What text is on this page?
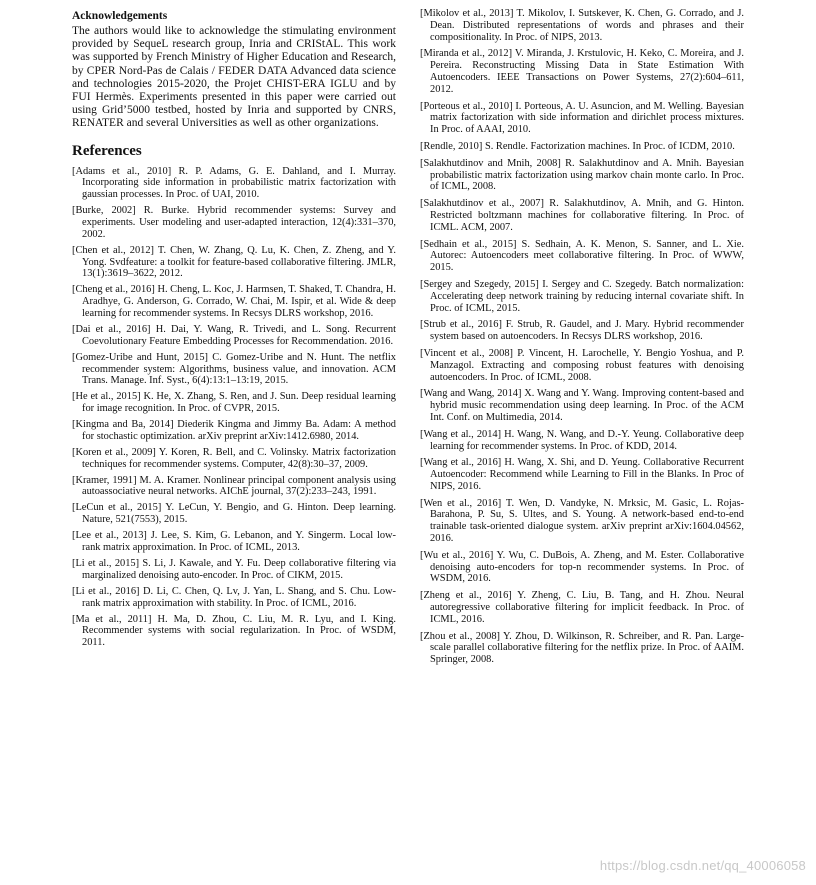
Acknowledgements

The authors would like to acknowledge the stimulating environment provided by SequeL research group, Inria and CRIStAL. This work was supported by French Ministry of Higher Education and Research, by CPER Nord-Pas de Calais / FEDER DATA Advanced data science and technologies 2015-2020, the Projet CHIST-ERA IGLU and by FUI Hermès. Experiments presented in this paper were carried out using Grid’5000 testbed, hosted by Inria and supported by CNRS, RENATER and several Universities as well as other organizations.

References
[Adams et al., 2010] R. P. Adams, G. E. Dahland, and I. Murray. Incorporating side information in probabilistic matrix factorization with gaussian processes. In Proc. of UAI, 2010.
[Burke, 2002] R. Burke. Hybrid recommender systems: Survey and experiments. User modeling and user-adapted interaction, 12(4):331–370, 2002.
[Chen et al., 2012] T. Chen, W. Zhang, Q. Lu, K. Chen, Z. Zheng, and Y. Yong. Svdfeature: a toolkit for feature-based collaborative filtering. JMLR, 13(1):3619–3622, 2012.
[Cheng et al., 2016] H. Cheng, L. Koc, J. Harmsen, T. Shaked, T. Chandra, H. Aradhye, G. Anderson, G. Corrado, W. Chai, M. Ispir, et al. Wide & deep learning for recommender systems. In Recsys DLRS workshop, 2016.
[Dai et al., 2016] H. Dai, Y. Wang, R. Trivedi, and L. Song. Recurrent Coevolutionary Feature Embedding Processes for Recommendation. 2016.
[Gomez-Uribe and Hunt, 2015] C. Gomez-Uribe and N. Hunt. The netflix recommender system: Algorithms, business value, and innovation. ACM Trans. Manage. Inf. Syst., 6(4):13:1–13:19, 2015.
[He et al., 2015] K. He, X. Zhang, S. Ren, and J. Sun. Deep residual learning for image recognition. In Proc. of CVPR, 2015.
[Kingma and Ba, 2014] Diederik Kingma and Jimmy Ba. Adam: A method for stochastic optimization. arXiv preprint arXiv:1412.6980, 2014.
[Koren et al., 2009] Y. Koren, R. Bell, and C. Volinsky. Matrix factorization techniques for recommender systems. Computer, 42(8):30–37, 2009.
[Kramer, 1991] M. A. Kramer. Nonlinear principal component analysis using autoassociative neural networks. AIChE journal, 37(2):233–243, 1991.
[LeCun et al., 2015] Y. LeCun, Y. Bengio, and G. Hinton. Deep learning. Nature, 521(7553), 2015.
[Lee et al., 2013] J. Lee, S. Kim, G. Lebanon, and Y. Singerm. Local low-rank matrix approximation. In Proc. of ICML, 2013.
[Li et al., 2015] S. Li, J. Kawale, and Y. Fu. Deep collaborative filtering via marginalized denoising auto-encoder. In Proc. of CIKM, 2015.
[Li et al., 2016] D. Li, C. Chen, Q. Lv, J. Yan, L. Shang, and S. Chu. Low-rank matrix approximation with stability. In Proc. of ICML, 2016.
[Ma et al., 2011] H. Ma, D. Zhou, C. Liu, M. R. Lyu, and I. King. Recommender systems with social regularization. In Proc. of WSDM, 2011.
[Mikolov et al., 2013] T. Mikolov, I. Sutskever, K. Chen, G. Corrado, and J. Dean. Distributed representations of words and phrases and their compositionality. In Proc. of NIPS, 2013.
[Miranda et al., 2012] V. Miranda, J. Krstulovic, H. Keko, C. Moreira, and J. Pereira. Reconstructing Missing Data in State Estimation With Autoencoders. IEEE Transactions on Power Systems, 27(2):604–611, 2012.
[Porteous et al., 2010] I. Porteous, A. U. Asuncion, and M. Welling. Bayesian matrix factorization with side information and dirichlet process mixtures. In Proc. of AAAI, 2010.
[Rendle, 2010] S. Rendle. Factorization machines. In Proc. of ICDM, 2010.
[Salakhutdinov and Mnih, 2008] R. Salakhutdinov and A. Mnih. Bayesian probabilistic matrix factorization using markov chain monte carlo. In Proc. of ICML, 2008.
[Salakhutdinov et al., 2007] R. Salakhutdinov, A. Mnih, and G. Hinton. Restricted boltzmann machines for collaborative filtering. In Proc. of ICML. ACM, 2007.
[Sedhain et al., 2015] S. Sedhain, A. K. Menon, S. Sanner, and L. Xie. Autorec: Autoencoders meet collaborative filtering. In Proc. of WWW, 2015.
[Sergey and Szegedy, 2015] I. Sergey and C. Szegedy. Batch normalization: Accelerating deep network training by reducing internal covariate shift. In Proc. of ICML, 2015.
[Strub et al., 2016] F. Strub, R. Gaudel, and J. Mary. Hybrid recommender system based on autoencoders. In Recsys DLRS workshop, 2016.
[Vincent et al., 2008] P. Vincent, H. Larochelle, Y. Bengio Yoshua, and P. Manzagol. Extracting and composing robust features with denoising autoencoders. In Proc. of ICML, 2008.
[Wang and Wang, 2014] X. Wang and Y. Wang. Improving content-based and hybrid music recommendation using deep learning. In Proc. of the ACM Int. Conf. on Multimedia, 2014.
[Wang et al., 2014] H. Wang, N. Wang, and D.-Y. Yeung. Collaborative deep learning for recommender systems. In Proc. of KDD, 2014.
[Wang et al., 2016] H. Wang, X. Shi, and D. Yeung. Collaborative Recurrent Autoencoder: Recommend while Learning to Fill in the Blanks. In Proc of NIPS, 2016.
[Wen et al., 2016] T. Wen, D. Vandyke, N. Mrksic, M. Gasic, L. Rojas-Barahona, P. Su, S. Ultes, and S. Young. A network-based end-to-end trainable task-oriented dialogue system. arXiv preprint arXiv:1604.04562, 2016.
[Wu et al., 2016] Y. Wu, C. DuBois, A. Zheng, and M. Ester. Collaborative denoising auto-encoders for top-n recommender systems. In Proc. of WSDM, 2016.
[Zheng et al., 2016] Y. Zheng, C. Liu, B. Tang, and H. Zhou. Neural autoregressive collaborative filtering for implicit feedback. In Proc. of ICML, 2016.
[Zhou et al., 2008] Y. Zhou, D. Wilkinson, R. Schreiber, and R. Pan. Large-scale parallel collaborative filtering for the netflix prize. In Proc. of AAIM. Springer, 2008.
https://blog.csdn.net/qq_40006058
